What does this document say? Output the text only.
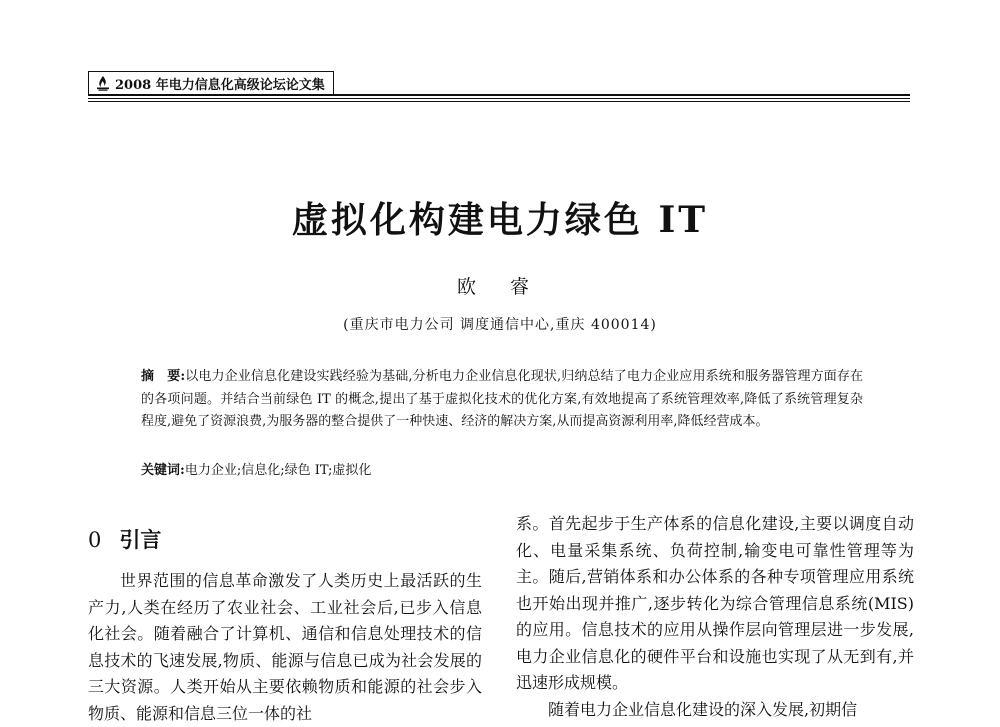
2008 年电力信息化高级论坛论文集
虚拟化构建电力绿色 IT
欧 睿
(重庆市电力公司 调度通信中心,重庆 400014)
摘　要:以电力企业信息化建设实践经验为基础,分析电力企业信息化现状,归纳总结了电力企业应用系统和服务器管理方面存在的各项问题。并结合当前绿色 IT 的概念,提出了基于虚拟化技术的优化方案,有效地提高了系统管理效率,降低了系统管理复杂程度,避免了资源浪费,为服务器的整合提供了一种快速、经济的解决方案,从而提高资源利用率,降低经营成本。
关键词:电力企业;信息化;绿色 IT;虚拟化
0 引言

世界范围的信息革命激发了人类历史上最活跃的生产力,人类在经历了农业社会、工业社会后,已步入信息化社会。随着融合了计算机、通信和信息处理技术的信息技术的飞速发展,物质、能源与信息已成为社会发展的三大资源。人类开始从主要依赖物质和能源的社会步入物质、能源和信息三位一体的社

系。首先起步于生产体系的信息化建设,主要以调度自动化、电量采集系统、负荷控制,输变电可靠性管理等为主。随后,营销体系和办公体系的各种专项管理应用系统也开始出现并推广,逐步转化为综合管理信息系统(MIS)的应用。信息技术的应用从操作层向管理层进一步发展,电力企业信息化的硬件平台和设施也实现了从无到有,并迅速形成规模。

随着电力企业信息化建设的深入发展,初期信
